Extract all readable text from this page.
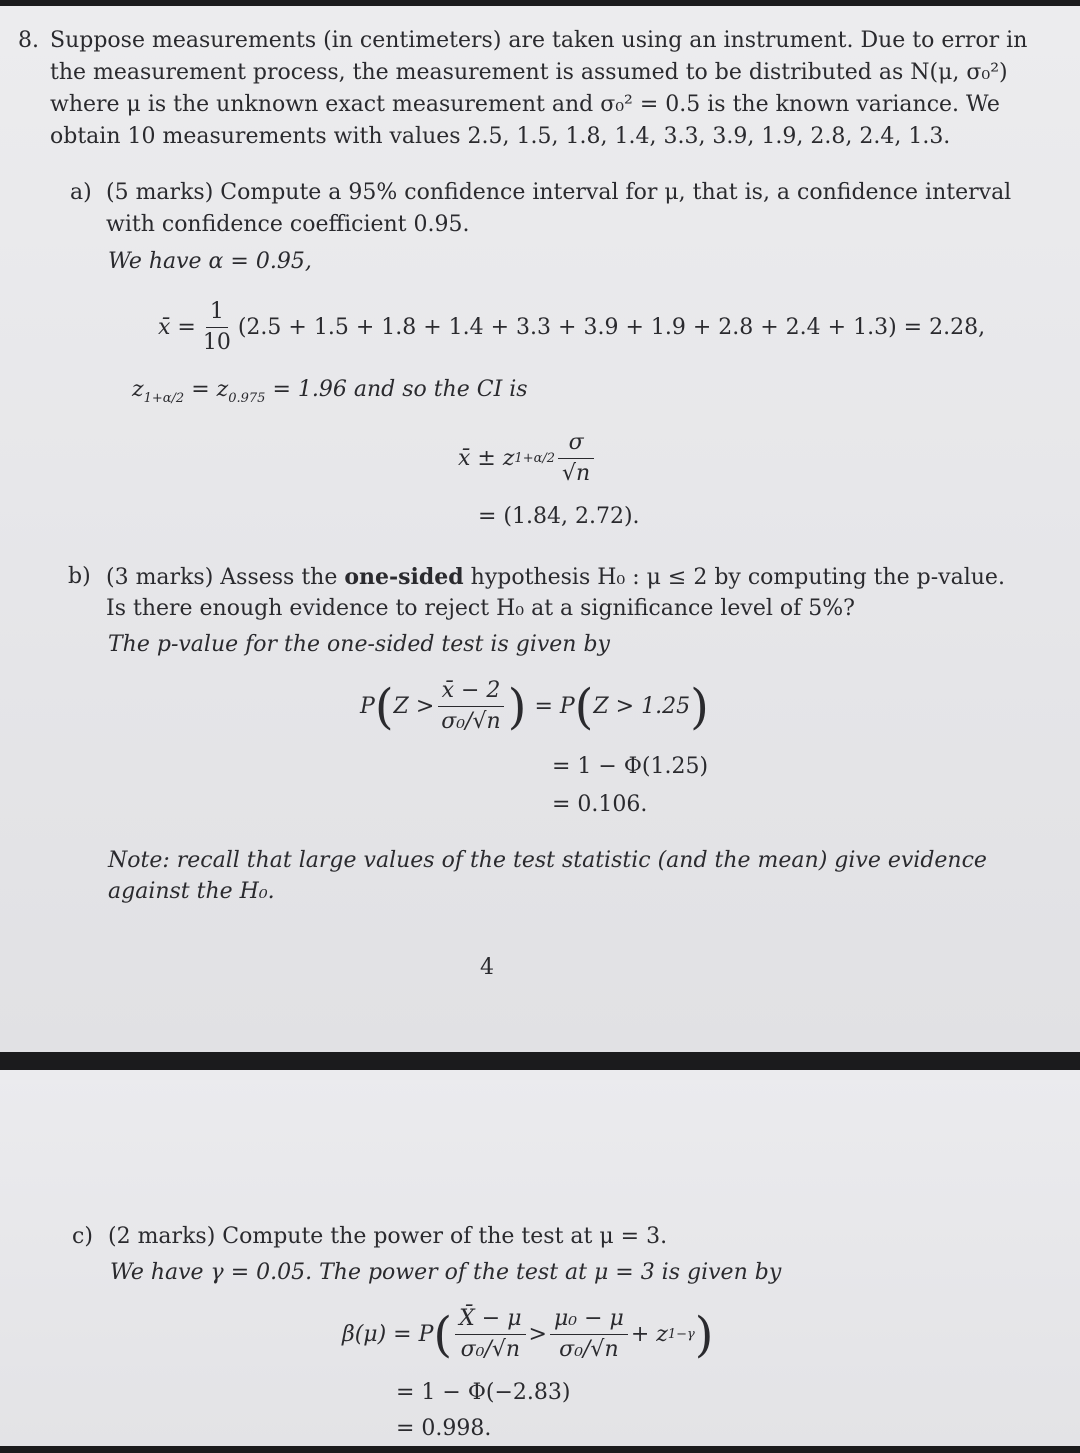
8. Suppose measurements (in centimeters) are taken using an instrument. Due to error in
the measurement process, the measurement is assumed to be distributed as N(μ, σ₀²)
where μ is the unknown exact measurement and σ₀² = 0.5 is the known variance. We
obtain 10 measurements with values 2.5, 1.5, 1.8, 1.4, 3.3, 3.9, 1.9, 2.8, 2.4, 1.3.
a) (5 marks) Compute a 95% confidence interval for μ, that is, a confidence interval
with confidence coefficient 0.95.
We have α = 0.95,
x̄ = $\frac{1}{10} (2.5 + 1.5 + 1.8 + 1.4 + 3.3 + 3.9 + 1.9 + 2.8 + 2.4 + 1.3) = 2.28$,
$z_{1+\alpha/2} = z_{0.975} = 1.96$ and so the CI is
x̄ ± z $1+\alpha/2 \frac{\sigma}{√n}$
= (1.84, 2.72).
b) (3 marks) Assess the one-sided hypothesis H₀ : μ ≤ 2 by computing the p-value.
Is there enough evidence to reject H₀ at a significance level of 5%?
The p-value for the one-sided test is given by
P ( $Z > \frac{x̄ - 2}{\text{σ₀/√n}}$ ) = P ( Z > 1.25 )
= 1 − Φ(1.25)
= 0.106.
Note: recall that large values of the test statistic (and the mean) give evidence
against the H₀.
4
c) (2 marks) Compute the power of the test at μ = 3.
We have γ = 0.05. The power of the test at μ = 3 is given by
β(μ) = P ( $\frac{X̄ - \mu}{\text{σ₀/√n}} > \frac{\text{μ₀ − μ}}{\text{σ₀/√n}} + z$ 1−γ )
= 1 − Φ(−2.83)
= 0.998.
